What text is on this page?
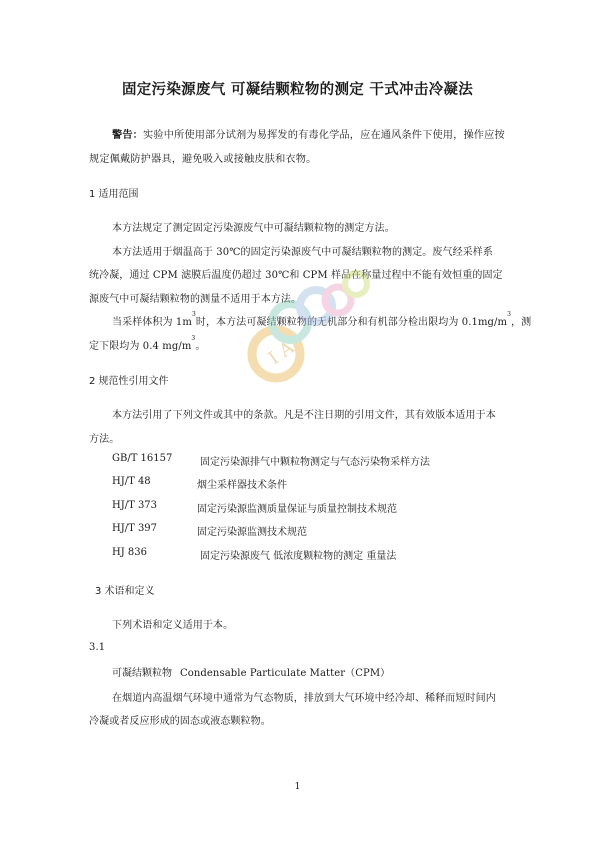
固定污染源废气 可凝结颗粒物的测定 干式冲击冷凝法
警告：实验中所使用部分试剂为易挥发的有毒化学品，应在通风条件下使用，操作应按
规定佩戴防护器具，避免吸入或接触皮肤和衣物。
1 适用范围
本方法规定了测定固定污染源废气中可凝结颗粒物的测定方法。
本方法适用于烟温高于 30℃的固定污染源废气中可凝结颗粒物的测定。废气经采样系
统冷凝，通过 CPM 滤膜后温度仍超过 30℃和 CPM 样品在称量过程中不能有效恒重的固定
源废气中可凝结颗粒物的测量不适用于本方法。
当采样体积为 $1m^3$时，本方法可凝结颗粒物的无机部分和有机部分检出限均为 $0.1mg/m^3$，测
定下限均为 0.4 $mg/m^3$。
2 规范性引用文件
本方法引用了下列文件或其中的条款。凡是不注日期的引用文件，其有效版本适用于本
方法。
GB/T 16157	固定污染源排气中颗粒物测定与气态污染物采样方法
HJ/T 48	烟尘采样器技术条件
HJ/T 373	固定污染源监测质量保证与质量控制技术规范
HJ/T 397	固定污染源监测技术规范
HJ 836	固定污染源废气 低浓度颗粒物的测定 重量法
3 术语和定义
下列术语和定义适用于本。
3.1
可凝结颗粒物 Condensable Particulate Matter（CPM）
在烟道内高温烟气环境中通常为气态物质，排放到大气环境中经冷却、稀释而短时间内
冷凝或者反应形成的固态或液态颗粒物。
1
I A
